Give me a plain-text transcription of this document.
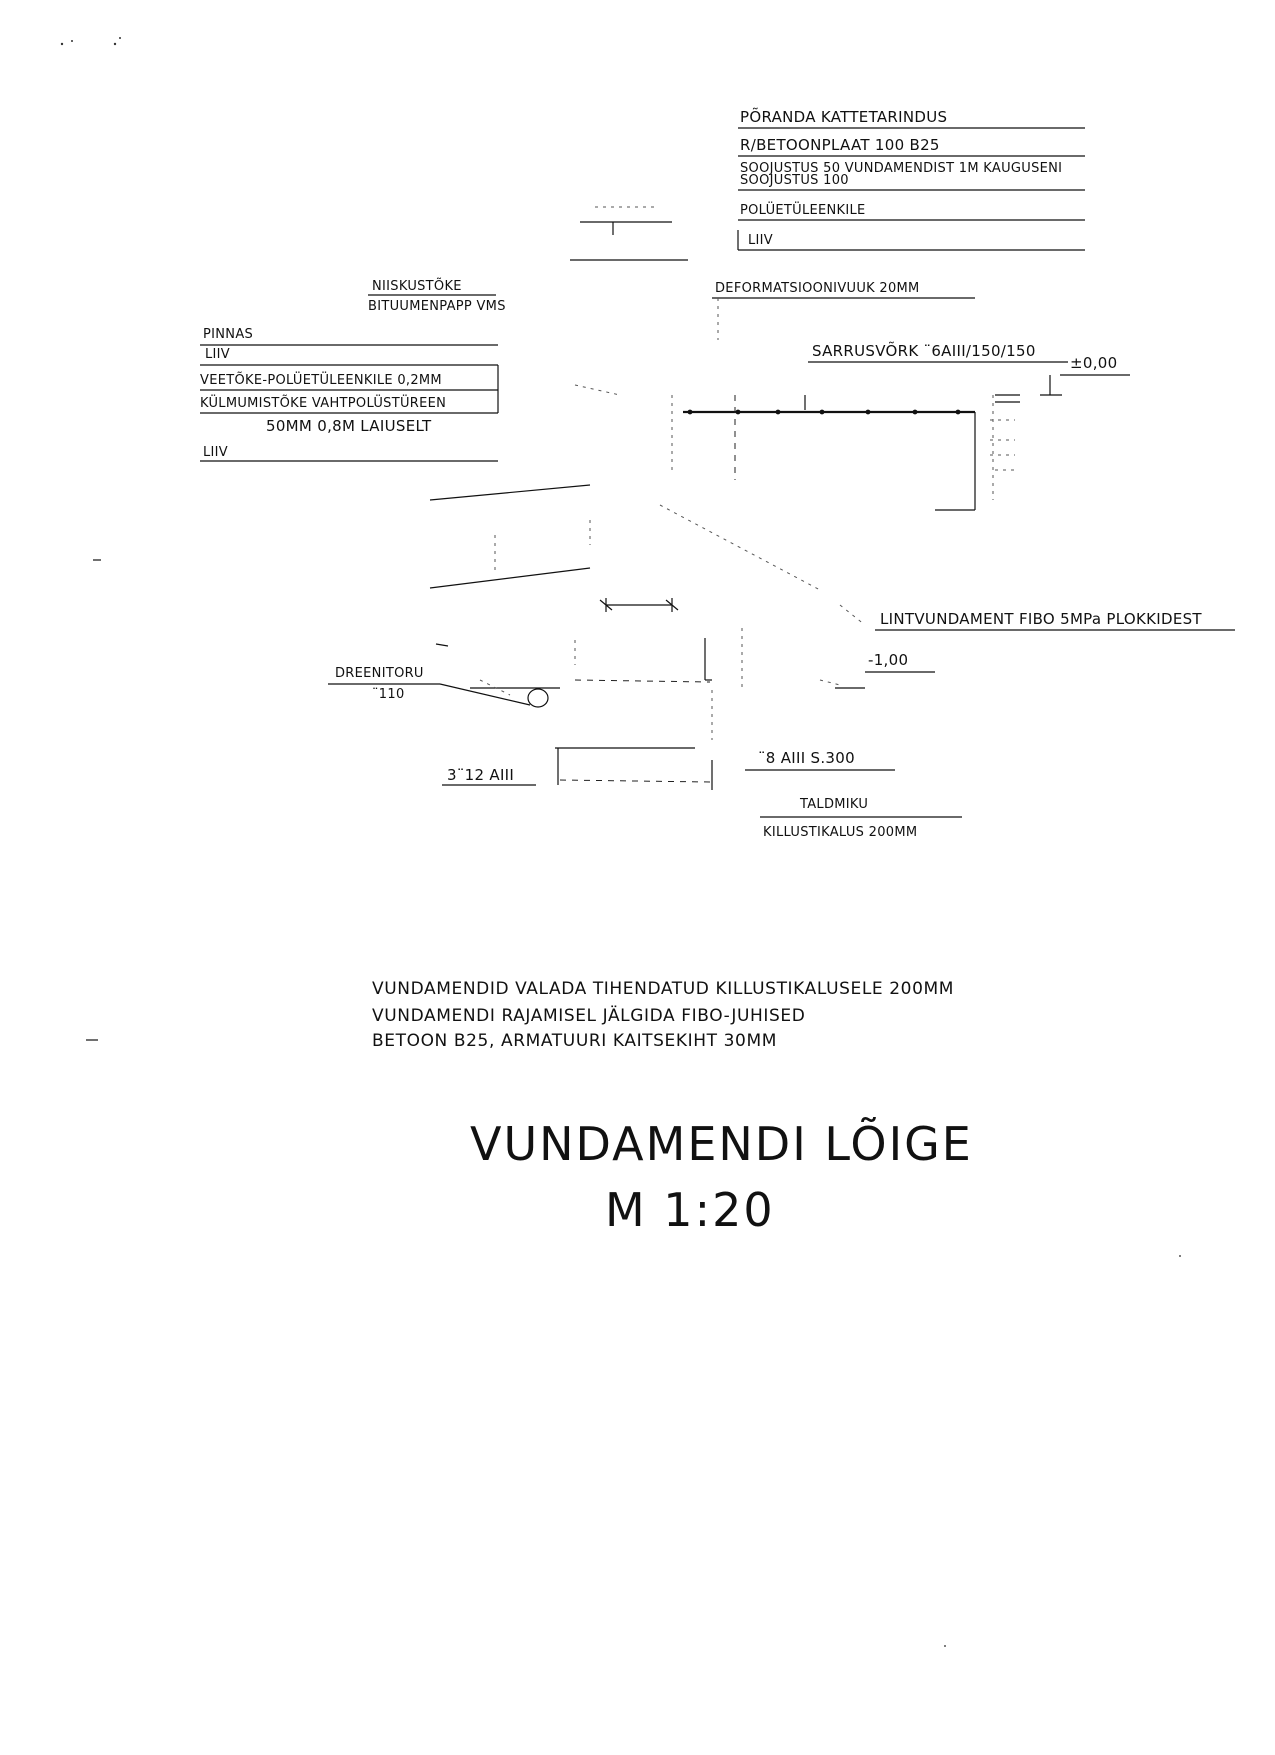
PÕRANDA KATTETARINDUS
R/BETOONPLAAT 100 B25
SOOJUSTUS 50 VUNDAMENDIST 1M KAUGUSENI
SOOJUSTUS 100
POLÜETÜLEENKILE
LIIV
NIISKUSTÕKE
BITUUMENPAPP VMS
DEFORMATSIOONIVUUK 20MM
PINNAS
LIIV
VEETÕKE-POLÜETÜLEENKILE 0,2MM
KÜLMUMISTÕKE VAHTPOLÜSTÜREEN
50MM 0,8M LAIUSELT
LIIV
SARRUSVÕRK ¨6AIII/150/150
±0,00
LINTVUNDAMENT FIBO 5MPa PLOKKIDEST
-1,00
DREENITORU
¨110
3¨12 AIII
¨8 AIII S.300
TALDMIKU
KILLUSTIKALUS 200MM
VUNDAMENDID VALADA TIHENDATUD KILLUSTIKALUSELE 200MM
VUNDAMENDI RAJAMISEL JÄLGIDA FIBO-JUHISED
BETOON B25, ARMATUURI KAITSEKIHT 30MM
VUNDAMENDI LÕIGE
M 1:20
